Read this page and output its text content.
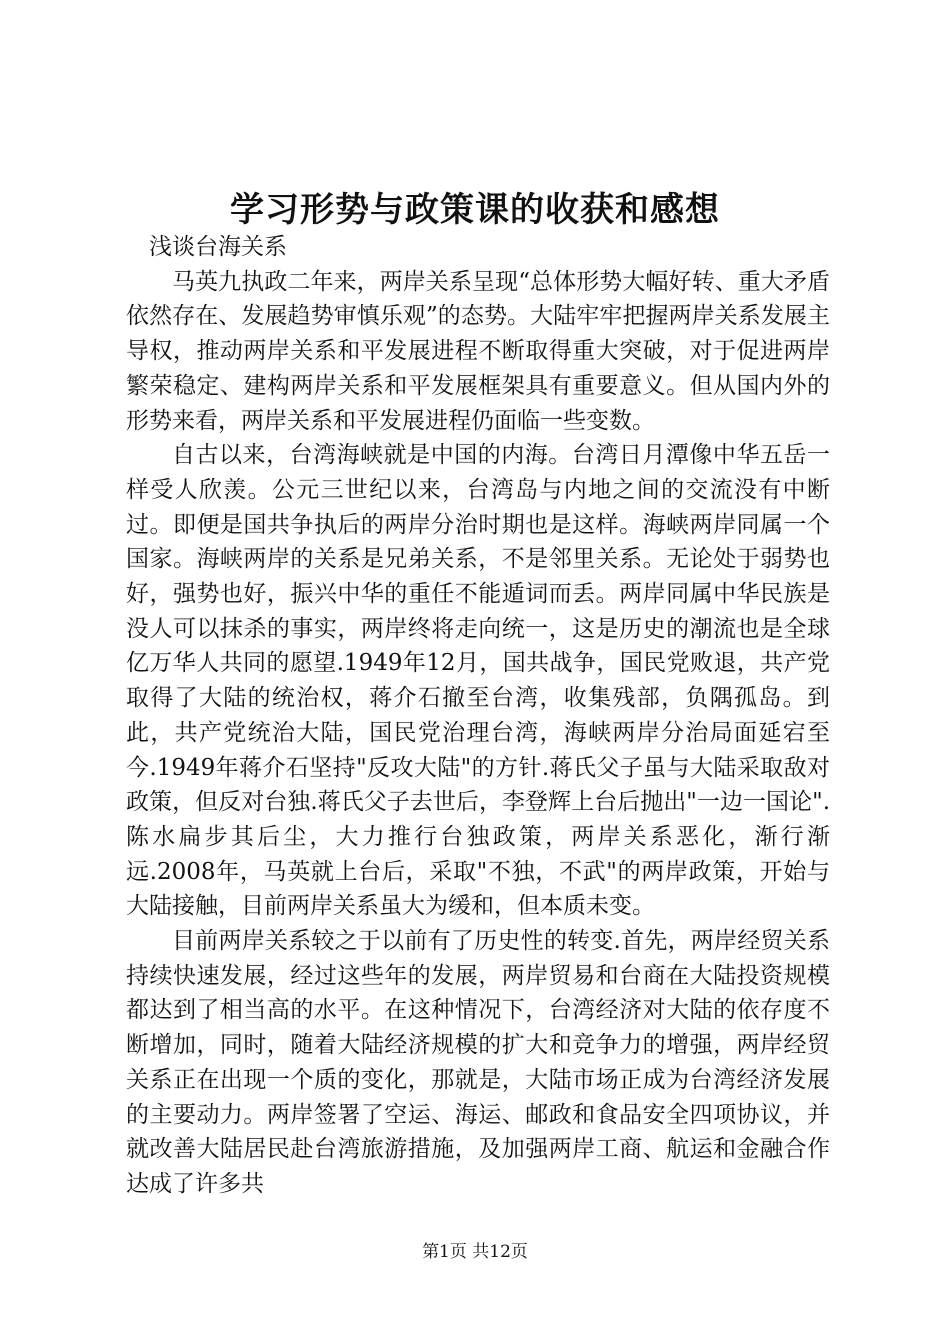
学习形势与政策课的收获和感想

浅谈台海关系

马英九执政二年来，两岸关系呈现“总体形势大幅好转、重大矛盾依然存在、发展趋势审慎乐观”的态势。大陆牢牢把握两岸关系发展主导权，推动两岸关系和平发展进程不断取得重大突破，对于促进两岸繁荣稳定、建构两岸关系和平发展框架具有重要意义。但从国内外的形势来看，两岸关系和平发展进程仍面临一些变数。

自古以来，台湾海峡就是中国的内海。台湾日月潭像中华五岳一样受人欣羡。公元三世纪以来，台湾岛与内地之间的交流没有中断过。即便是国共争执后的两岸分治时期也是这样。海峡两岸同属一个国家。海峡两岸的关系是兄弟关系，不是邻里关系。无论处于弱势也好，强势也好，振兴中华的重任不能遁词而丢。两岸同属中华民族是没人可以抹杀的事实，两岸终将走向统一，这是历史的潮流也是全球亿万华人共同的愿望.1949年12月，国共战争，国民党败退，共产党取得了大陆的统治权，蒋介石撤至台湾，收集残部，负隅孤岛。到此，共产党统治大陆，国民党治理台湾，海峡两岸分治局面延宕至今.1949年蒋介石坚持"反攻大陆"的方针.蒋氏父子虽与大陆采取敌对政策，但反对台独.蒋氏父子去世后，李登辉上台后抛出"一边一国论".陈水扁步其后尘，大力推行台独政策，两岸关系恶化，渐行渐远.2008年，马英就上台后，采取"不独，不武"的两岸政策，开始与大陆接触，目前两岸关系虽大为缓和，但本质未变。

目前两岸关系较之于以前有了历史性的转变.首先，两岸经贸关系持续快速发展，经过这些年的发展，两岸贸易和台商在大陆投资规模都达到了相当高的水平。在这种情况下，台湾经济对大陆的依存度不断增加，同时，随着大陆经济规模的扩大和竞争力的增强，两岸经贸关系正在出现一个质的变化，那就是，大陆市场正成为台湾经济发展的主要动力。两岸签署了空运、海运、邮政和食品安全四项协议，并就改善大陆居民赴台湾旅游措施，及加强两岸工商、航运和金融合作达成了许多共

第1页 共12页
